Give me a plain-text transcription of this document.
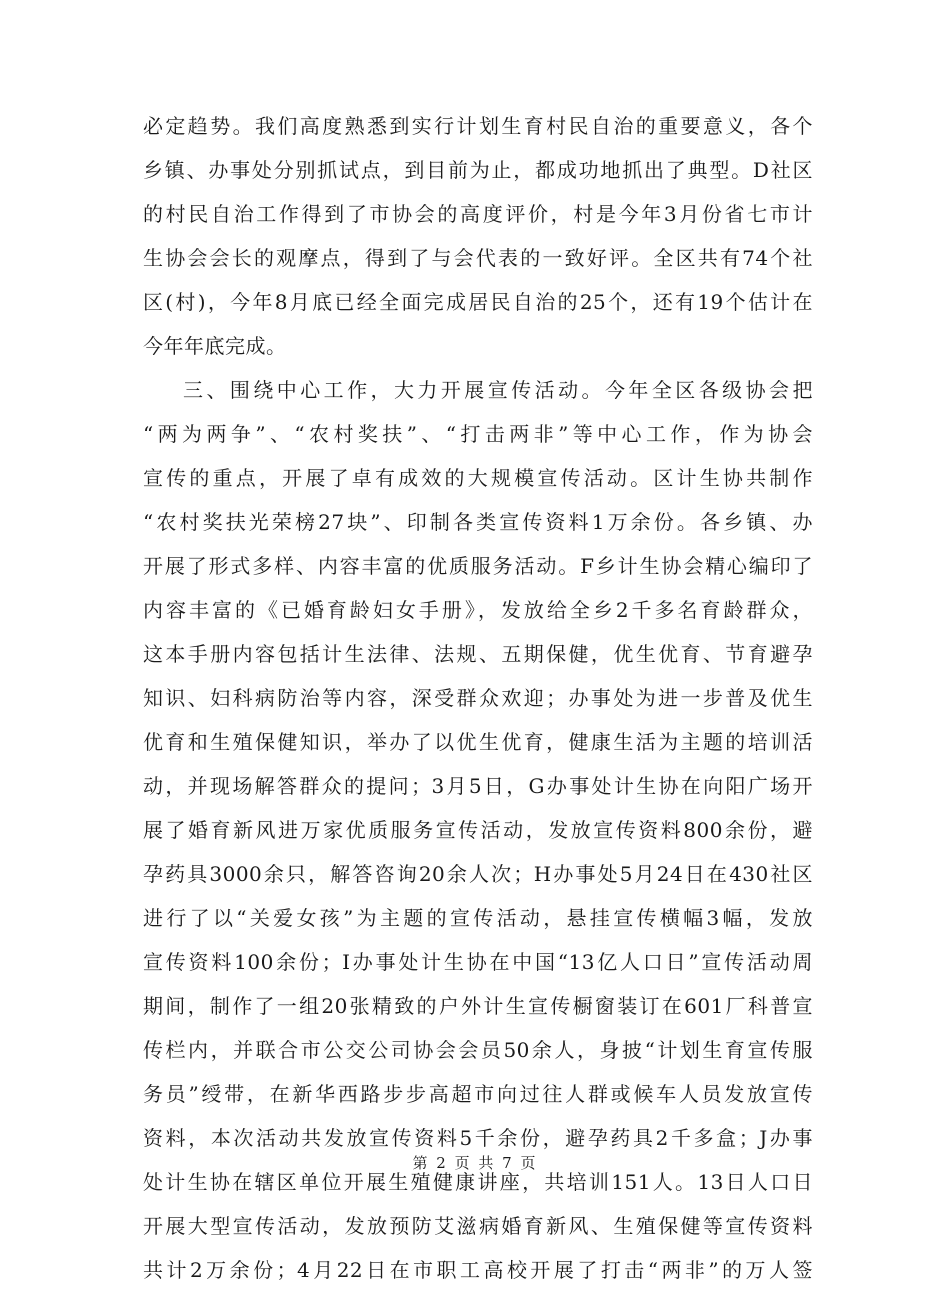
必定趋势。我们高度熟悉到实行计划生育村民自治的重要意义，各个
乡镇、办事处分别抓试点，到目前为止，都成功地抓出了典型。D社区
的村民自治工作得到了市协会的高度评价，村是今年3月份省七市计
生协会会长的观摩点，得到了与会代表的一致好评。全区共有74个社
区(村)，今年8月底已经全面完成居民自治的25个，还有19个估计在
今年年底完成。
三、围绕中心工作，大力开展宣传活动。今年全区各级协会把
“两为两争”、“农村奖扶”、“打击两非”等中心工作，作为协会
宣传的重点，开展了卓有成效的大规模宣传活动。区计生协共制作
“农村奖扶光荣榜27块”、印制各类宣传资料1万余份。各乡镇、办
开展了形式多样、内容丰富的优质服务活动。F乡计生协会精心编印了
内容丰富的《已婚育龄妇女手册》，发放给全乡2千多名育龄群众，
这本手册内容包括计生法律、法规、五期保健，优生优育、节育避孕
知识、妇科病防治等内容，深受群众欢迎；办事处为进一步普及优生
优育和生殖保健知识，举办了以优生优育，健康生活为主题的培训活
动，并现场解答群众的提问；3月5日，G办事处计生协在向阳广场开
展了婚育新风进万家优质服务宣传活动，发放宣传资料800余份，避
孕药具3000余只，解答咨询20余人次；H办事处5月24日在430社区
进行了以“关爱女孩”为主题的宣传活动，悬挂宣传横幅3幅，发放
宣传资料100余份；I办事处计生协在中国“13亿人口日”宣传活动周
期间，制作了一组20张精致的户外计生宣传橱窗装订在601厂科普宣
传栏内，并联合市公交公司协会会员50余人，身披“计划生育宣传服
务员”绶带，在新华西路步步高超市向过往人群或候车人员发放宣传
资料，本次活动共发放宣传资料5千余份，避孕药具2千多盒；J办事
处计生协在辖区单位开展生殖健康讲座，共培训151人。13日人口日
开展大型宣传活动，发放预防艾滋病婚育新风、生殖保健等宣传资料
共计2万余份；4月22日在市职工高校开展了打击“两非”的万人签
第 2 页 共 7 页
